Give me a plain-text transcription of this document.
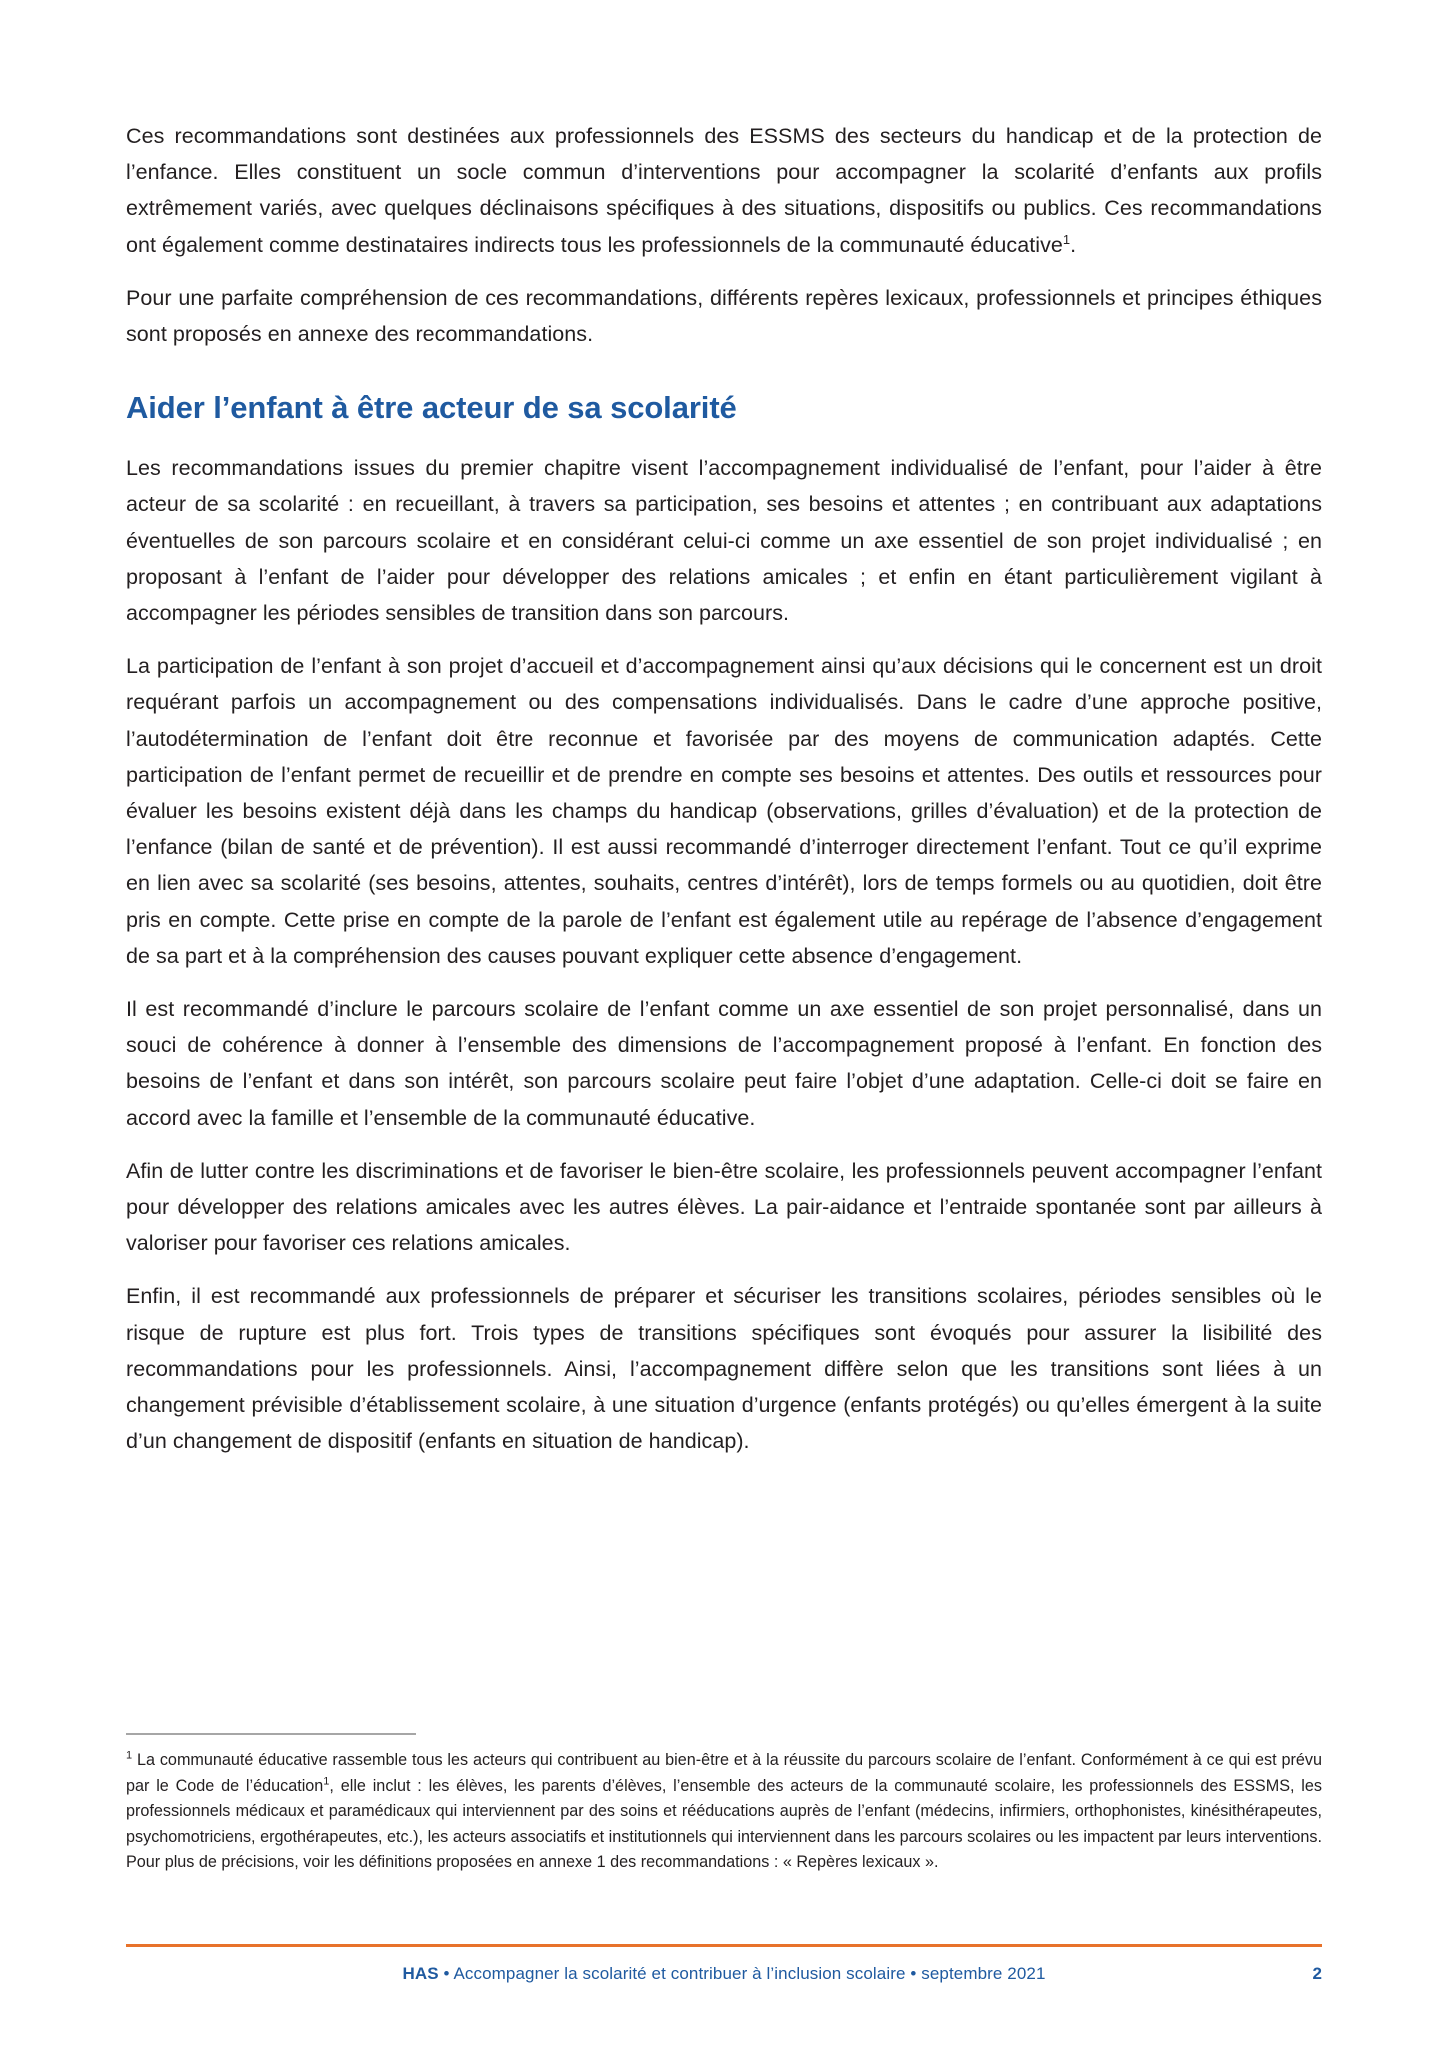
Ces recommandations sont destinées aux professionnels des ESSMS des secteurs du handicap et de la protection de l’enfance. Elles constituent un socle commun d’interventions pour accompagner la scolarité d’enfants aux profils extrêmement variés, avec quelques déclinaisons spécifiques à des situations, dispositifs ou publics. Ces recommandations ont également comme destinataires indirects tous les professionnels de la communauté éducative$^1$.

Pour une parfaite compréhension de ces recommandations, différents repères lexicaux, professionnels et principes éthiques sont proposés en annexe des recommandations.

Aider l’enfant à être acteur de sa scolarité

Les recommandations issues du premier chapitre visent l’accompagnement individualisé de l’enfant, pour l’aider à être acteur de sa scolarité : en recueillant, à travers sa participation, ses besoins et attentes ; en contribuant aux adaptations éventuelles de son parcours scolaire et en considérant celui-ci comme un axe essentiel de son projet individualisé ; en proposant à l’enfant de l’aider pour développer des relations amicales ; et enfin en étant particulièrement vigilant à accompagner les périodes sensibles de transition dans son parcours.

La participation de l’enfant à son projet d’accueil et d’accompagnement ainsi qu’aux décisions qui le concernent est un droit requérant parfois un accompagnement ou des compensations individualisés. Dans le cadre d’une approche positive, l’autodétermination de l’enfant doit être reconnue et favorisée par des moyens de communication adaptés. Cette participation de l’enfant permet de recueillir et de prendre en compte ses besoins et attentes. Des outils et ressources pour évaluer les besoins existent déjà dans les champs du handicap (observations, grilles d’évaluation) et de la protection de l’enfance (bilan de santé et de prévention). Il est aussi recommandé d’interroger directement l’enfant. Tout ce qu’il exprime en lien avec sa scolarité (ses besoins, attentes, souhaits, centres d’intérêt), lors de temps formels ou au quotidien, doit être pris en compte. Cette prise en compte de la parole de l’enfant est également utile au repérage de l’absence d’engagement de sa part et à la compréhension des causes pouvant expliquer cette absence d’engagement.

Il est recommandé d’inclure le parcours scolaire de l’enfant comme un axe essentiel de son projet personnalisé, dans un souci de cohérence à donner à l’ensemble des dimensions de l’accompagnement proposé à l’enfant. En fonction des besoins de l’enfant et dans son intérêt, son parcours scolaire peut faire l’objet d’une adaptation. Celle-ci doit se faire en accord avec la famille et l’ensemble de la communauté éducative.

Afin de lutter contre les discriminations et de favoriser le bien-être scolaire, les professionnels peuvent accompagner l’enfant pour développer des relations amicales avec les autres élèves. La pair-aidance et l’entraide spontanée sont par ailleurs à valoriser pour favoriser ces relations amicales.

Enfin, il est recommandé aux professionnels de préparer et sécuriser les transitions scolaires, périodes sensibles où le risque de rupture est plus fort. Trois types de transitions spécifiques sont évoqués pour assurer la lisibilité des recommandations pour les professionnels. Ainsi, l’accompagnement diffère selon que les transitions sont liées à un changement prévisible d’établissement scolaire, à une situation d’urgence (enfants protégés) ou qu’elles émergent à la suite d’un changement de dispositif (enfants en situation de handicap).

$^1$ La communauté éducative rassemble tous les acteurs qui contribuent au bien-être et à la réussite du parcours scolaire de l’enfant. Conformément à ce qui est prévu par le Code de l’éducation$^1$, elle inclut : les élèves, les parents d’élèves, l’ensemble des acteurs de la communauté scolaire, les professionnels des ESSMS, les professionnels médicaux et paramédicaux qui interviennent par des soins et rééducations auprès de l’enfant (médecins, infirmiers, orthophonistes, kinésithérapeutes, psychomotriciens, ergothérapeutes, etc.), les acteurs associatifs et institutionnels qui interviennent dans les parcours scolaires ou les impactent par leurs interventions. Pour plus de précisions, voir les définitions proposées en annexe 1 des recommandations : « Repères lexicaux ».

HAS • Accompagner la scolarité et contribuer à l’inclusion scolaire • septembre 2021	2
